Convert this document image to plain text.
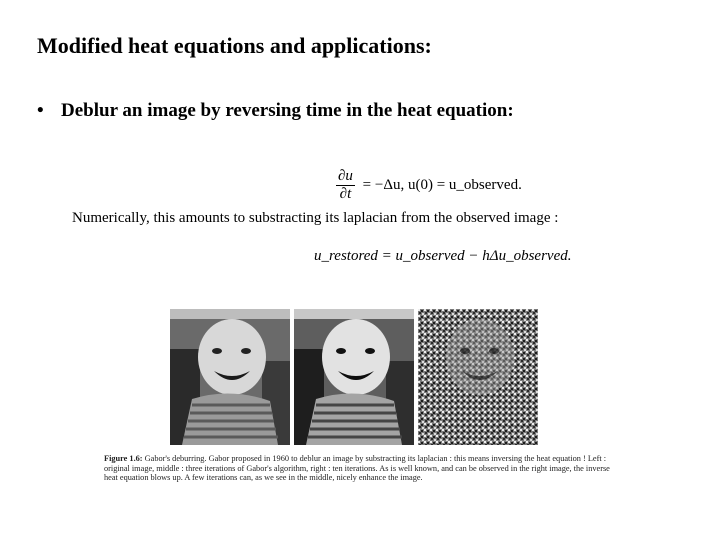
Modified heat equations and applications:
• Deblur an image by reversing time in the heat equation:
$\frac{\partial u}{\partial t} = -\Delta u$, u(0) = u_observed.
Numerically, this amounts to substracting its laplacian from the observed image :
u_restored = u_observed − hΔu_observed.
Figure 1.6: Gabor's deburring. Gabor proposed in 1960 to deblur an image by substracting its laplacian : this means inversing the heat equation ! Left : original image, middle : three iterations of Gabor's algorithm, right : ten iterations. As is well known, and can be observed in the right image, the inverse heat equation blows up. A few iterations can, as we see in the middle, nicely enhance the image.
